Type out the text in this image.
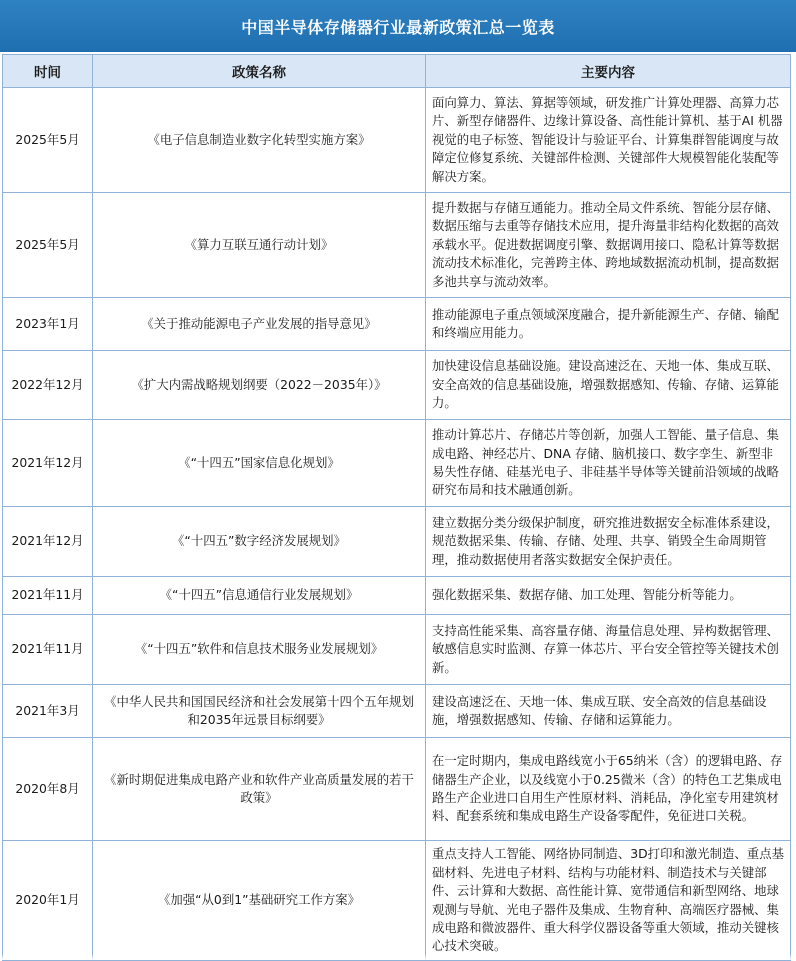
中国半导体存储器行业最新政策汇总一览表
时间	政策名称	主要内容
2025年5月	《电子信息制造业数字化转型实施方案》	面向算力、算法、算据等领域，研发推广计算处理器、高算力芯片、新型存储器件、边缘计算设备、高性能计算机、基于AI 机器视觉的电子标签、智能设计与验证平台、计算集群智能调度与故障定位修复系统、关键部件检测、关键部件大规模智能化装配等解决方案。
2025年5月	《算力互联互通行动计划》	提升数据与存储互通能力。推动全局文件系统、智能分层存储、数据压缩与去重等存储技术应用，提升海量非结构化数据的高效承载水平。促进数据调度引擎、数据调用接口、隐私计算等数据流动技术标准化，完善跨主体、跨地域数据流动机制，提高数据多池共享与流动效率。
2023年1月	《关于推动能源电子产业发展的指导意见》	推动能源电子重点领域深度融合，提升新能源生产、存储、输配和终端应用能力。
2022年12月	《扩大内需战略规划纲要（2022－2035年）》	加快建设信息基础设施。建设高速泛在、天地一体、集成互联、安全高效的信息基础设施，增强数据感知、传输、存储、运算能力。
2021年12月	《“十四五”国家信息化规划》	推动计算芯片、存储芯片等创新，加强人工智能、量子信息、集成电路、神经芯片、DNA 存储、脑机接口、数字孪生、新型非易失性存储、硅基光电子、非硅基半导体等关键前沿领域的战略研究布局和技术融通创新。
2021年12月	《“十四五”数字经济发展规划》	建立数据分类分级保护制度，研究推进数据安全标准体系建设，规范数据采集、传输、存储、处理、共享、销毁全生命周期管理，推动数据使用者落实数据安全保护责任。
2021年11月	《“十四五”信息通信行业发展规划》	强化数据采集、数据存储、加工处理、智能分析等能力。
2021年11月	《“十四五”软件和信息技术服务业发展规划》	支持高性能采集、高容量存储、海量信息处理、异构数据管理、敏感信息实时监测、存算一体芯片、平台安全管控等关键技术创新。
2021年3月	《中华人民共和国国民经济和社会发展第十四个五年规划和2035年远景目标纲要》	建设高速泛在、天地一体、集成互联、安全高效的信息基础设施，增强数据感知、传输、存储和运算能力。
2020年8月	《新时期促进集成电路产业和软件产业高质量发展的若干政策》	在一定时期内，集成电路线宽小于65纳米（含）的逻辑电路、存储器生产企业，以及线宽小于0.25微米（含）的特色工艺集成电路生产企业进口自用生产性原材料、消耗品，净化室专用建筑材料、配套系统和集成电路生产设备零配件，免征进口关税。
2020年1月	《加强“从0到1”基础研究工作方案》	重点支持人工智能、网络协同制造、3D打印和激光制造、重点基础材料、先进电子材料、结构与功能材料、制造技术与关键部件、云计算和大数据、高性能计算、宽带通信和新型网络、地球观测与导航、光电子器件及集成、生物育种、高端医疗器械、集成电路和微波器件、重大科学仪器设备等重大领域，推动关键核心技术突破。
